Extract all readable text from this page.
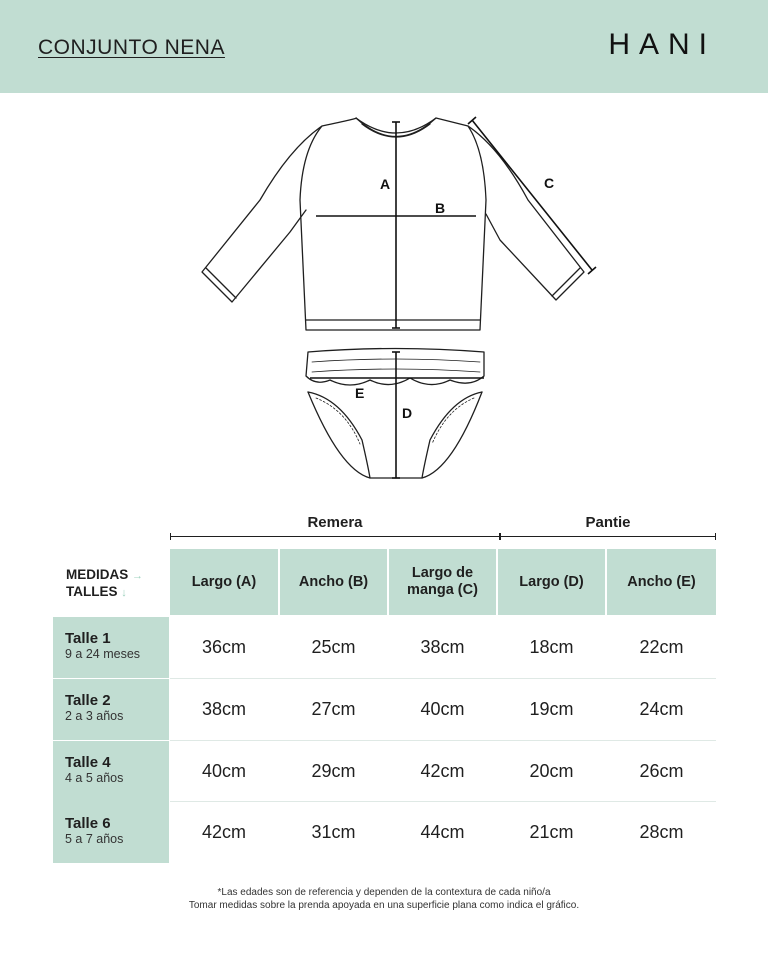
CONJUNTO NENA	HANI
A
B
C
D
E
Remera	Pantie
MEDIDAS →
TALLES ↓
Largo (A)	Ancho (B)
Largo de manga (C)
Largo (D)	Ancho (E)
Talle 1
9 a 24 meses	36cm	25cm	38cm	18cm	22cm
Talle 2
2 a 3 años	38cm	27cm	40cm	19cm	24cm
Talle 4
4 a 5 años	40cm	29cm	42cm	20cm	26cm
Talle 6
5 a 7 años	42cm	31cm	44cm	21cm	28cm
*Las edades son de referencia y dependen de la contextura de cada niño/a
Tomar medidas sobre la prenda apoyada en una superficie plana como indica el gráfico.
